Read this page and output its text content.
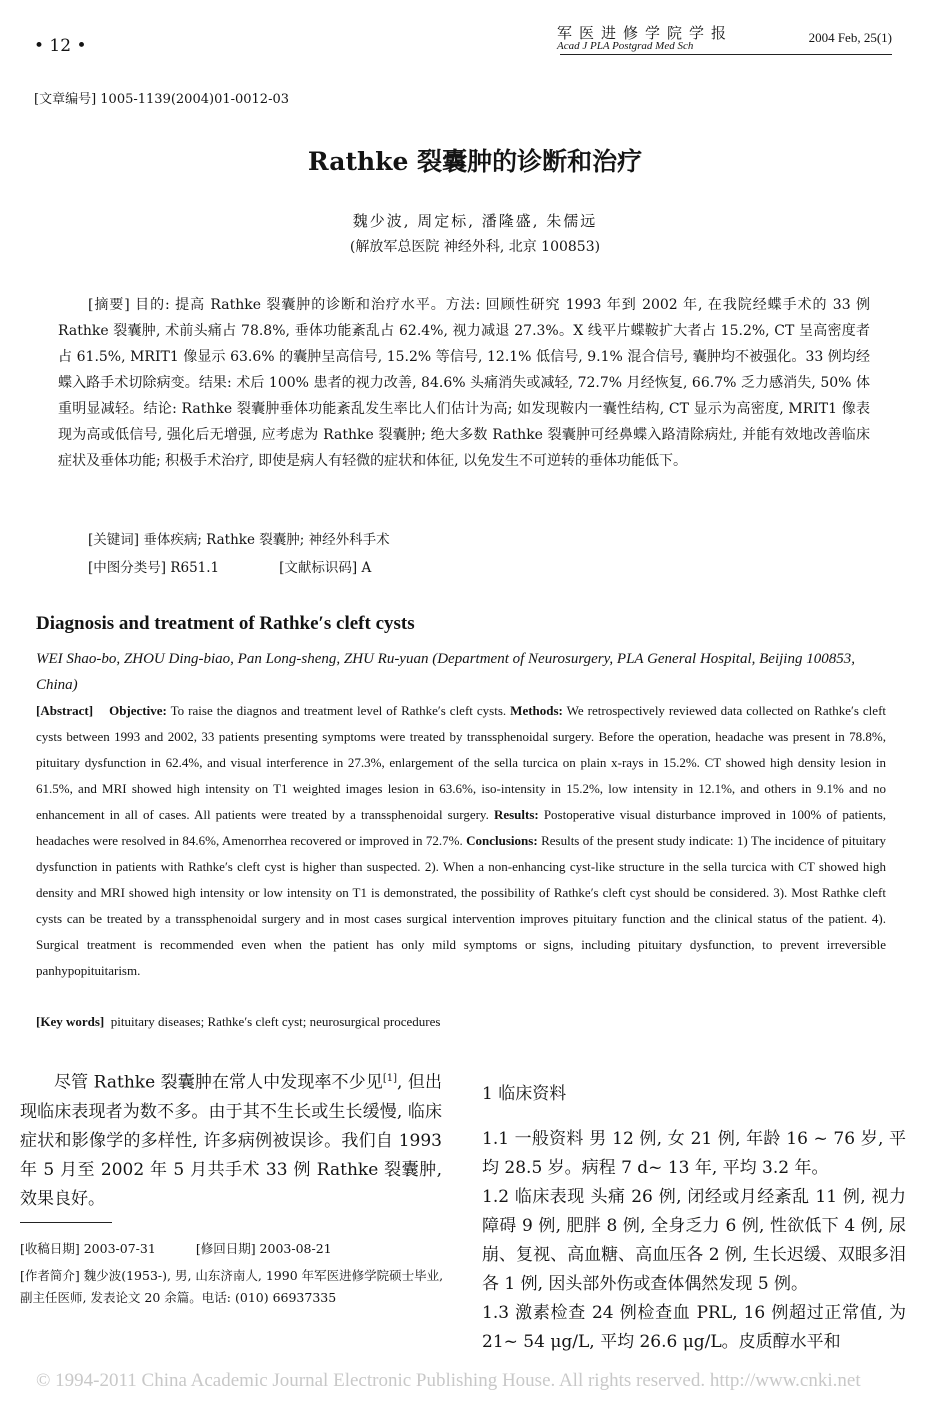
• 12 •
军医进修学院学报
Acad J PLA Postgrad Med Sch
2004 Feb, 25(1)
[文章编号] 1005-1139(2004)01-0012-03
Rathke 裂囊肿的诊断和治疗
魏少波, 周定标, 潘隆盛, 朱儒远
(解放军总医院 神经外科, 北京 100853)
[摘要] 目的: 提高 Rathke 裂囊肿的诊断和治疗水平。方法: 回顾性研究 1993 年到 2002 年, 在我院经蝶手术的 33 例 Rathke 裂囊肿, 术前头痛占 78.8%, 垂体功能紊乱占 62.4%, 视力减退 27.3%。X 线平片蝶鞍扩大者占 15.2%, CT 呈高密度者占 61.5%, MRIT1 像显示 63.6% 的囊肿呈高信号, 15.2% 等信号, 12.1% 低信号, 9.1% 混合信号, 囊肿均不被强化。33 例均经蝶入路手术切除病变。结果: 术后 100% 患者的视力改善, 84.6% 头痛消失或减轻, 72.7% 月经恢复, 66.7% 乏力感消失, 50% 体重明显减轻。结论: Rathke 裂囊肿垂体功能紊乱发生率比人们估计为高; 如发现鞍内一囊性结构, CT 显示为高密度, MRIT1 像表现为高或低信号, 强化后无增强, 应考虑为 Rathke 裂囊肿; 绝大多数 Rathke 裂囊肿可经鼻蝶入路清除病灶, 并能有效地改善临床症状及垂体功能; 积极手术治疗, 即使是病人有轻微的症状和体征, 以免发生不可逆转的垂体功能低下。
[关键词] 垂体疾病; Rathke 裂囊肿; 神经外科手术
[中图分类号] R651.1	[文献标识码] A
Diagnosis and treatment of Rathke′s cleft cysts
WEI Shao-bo, ZHOU Ding-biao, Pan Long-sheng, ZHU Ru-yuan (Department of Neurosurgery, PLA General Hospital, Beijing 100853, China)
[Abstract] Objective: To raise the diagnos and treatment level of Rathke′s cleft cysts. Methods: We retrospectively reviewed data collected on Rathke′s cleft cysts between 1993 and 2002, 33 patients presenting symptoms were treated by transsphenoidal surgery. Before the operation, headache was present in 78.8%, pituitary dysfunction in 62.4%, and visual interference in 27.3%, enlargement of the sella turcica on plain x-rays in 15.2%. CT showed high density lesion in 61.5%, and MRI showed high intensity on T1 weighted images lesion in 63.6%, iso-intensity in 15.2%, low intensity in 12.1%, and others in 9.1% and no enhancement in all of cases. All patients were treated by a transsphenoidal surgery. Results: Postoperative visual disturbance improved in 100% of patients, headaches were resolved in 84.6%, Amenorrhea recovered or improved in 72.7%. Conclusions: Results of the present study indicate: 1) The incidence of pituitary dysfunction in patients with Rathke′s cleft cyst is higher than suspected. 2). When a non-enhancing cyst-like structure in the sella turcica with CT showed high density and MRI showed high intensity or low intensity on T1 is demonstrated, the possibility of Rathke′s cleft cyst should be considered. 3). Most Rathke cleft cysts can be treated by a transsphenoidal surgery and in most cases surgical intervention improves pituitary function and the clinical status of the patient. 4). Surgical treatment is recommended even when the patient has only mild symptoms or signs, including pituitary dysfunction, to prevent irreversible panhypopituitarism.
[Key words] pituitary diseases; Rathke′s cleft cyst; neurosurgical procedures
尽管 Rathke 裂囊肿在常人中发现率不少见[1], 但出现临床表现者为数不多。由于其不生长或生长缓慢, 临床症状和影像学的多样性, 许多病例被误诊。我们自 1993 年 5 月至 2002 年 5 月共手术 33 例 Rathke 裂囊肿, 效果良好。
[收稿日期] 2003-07-31	[修回日期] 2003-08-21
[作者简介] 魏少波(1953-), 男, 山东济南人, 1990 年军医进修学院硕士毕业, 副主任医师, 发表论文 20 余篇。电话: (010) 66937335
1 临床资料

1.1 一般资料 男 12 例, 女 21 例, 年龄 16 ~ 76 岁, 平均 28.5 岁。病程 7 d~ 13 年, 平均 3.2 年。

1.2 临床表现 头痛 26 例, 闭经或月经紊乱 11 例, 视力障碍 9 例, 肥胖 8 例, 全身乏力 6 例, 性欲低下 4 例, 尿崩、复视、高血糖、高血压各 2 例, 生长迟缓、双眼多泪各 1 例, 因头部外伤或查体偶然发现 5 例。

1.3 激素检查 24 例检查血 PRL, 16 例超过正常值, 为 21~ 54 μg/L, 平均 26.6 μg/L。皮质醇水平和

© 1994-2011 China Academic Journal Electronic Publishing House. All rights reserved. http://www.cnki.net
